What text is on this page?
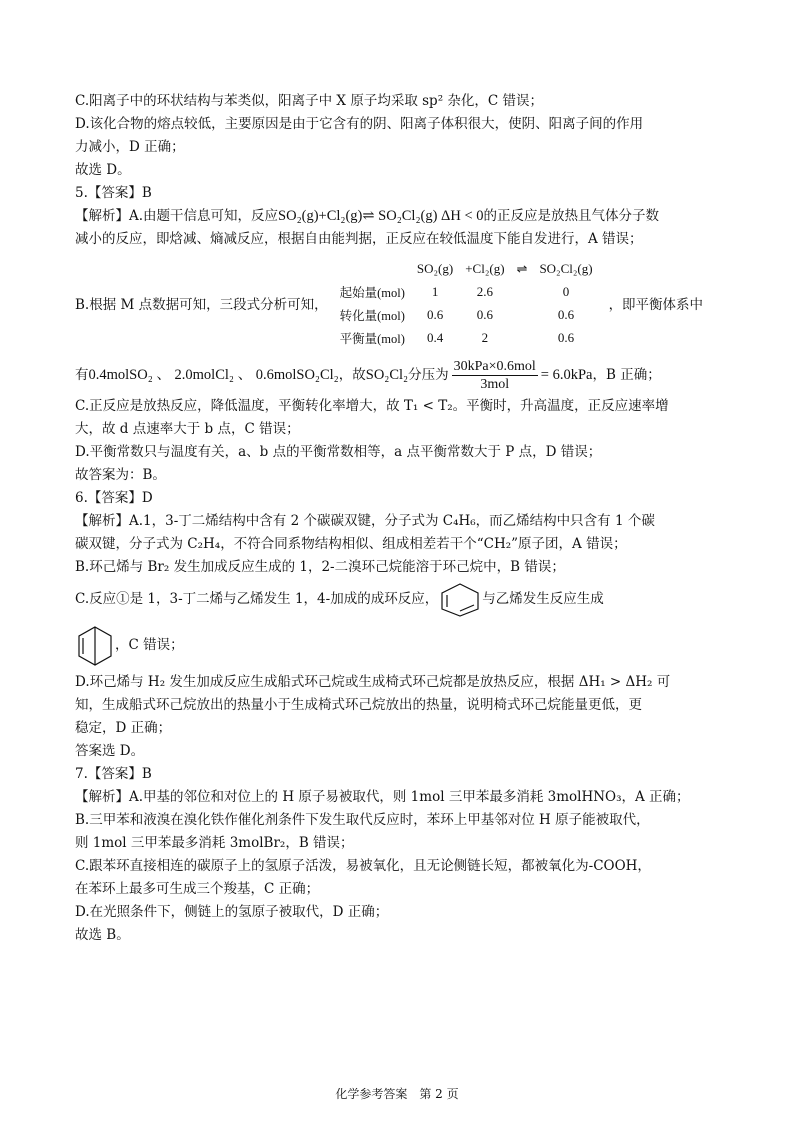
C.阳离子中的环状结构与苯类似，阳离子中 X 原子均采取 sp² 杂化，C 错误；
D.该化合物的熔点较低，主要原因是由于它含有的阴、阳离子体积很大，使阴、阳离子间的作用
力减小，D 正确；
故选 D。
5.【答案】B
【解析】A.由题干信息可知，反应SO₂(g)+Cl₂(g)⇌ SO₂Cl₂(g) ΔH < 0的正反应是放热且气体分子数
减小的反应，即焓减、熵减反应，根据自由能判据，正反应在较低温度下能自发进行，A 错误；
B.根据 M 点数据可知，三段式分析可知，
	SO₂(g)	+Cl₂(g)	⇌	SO₂Cl₂(g)
起始量(mol)	1	2.6		0
转化量(mol)	0.6	0.6		0.6
平衡量(mol)	0.4	2		0.6
，即平衡体系中
有0.4molSO₂ 、 2.0molCl₂ 、 0.6molSO₂Cl₂，故SO₂Cl₂分压为 $\frac{\text{30kPa×0.6mol}}{\text{3mol}} = 6.0kPa$，B 正确；
C.正反应是放热反应，降低温度，平衡转化率增大，故 T₁ < T₂。平衡时，升高温度，正反应速率增
大，故 d 点速率大于 b 点，C 错误；
D.平衡常数只与温度有关，a、b 点的平衡常数相等，a 点平衡常数大于 P 点，D 错误；
故答案为：B。
6.【答案】D
【解析】A.1，3-丁二烯结构中含有 2 个碳碳双键，分子式为 C₄H₆，而乙烯结构中只含有 1 个碳
碳双键，分子式为 C₂H₄，不符合同系物结构相似、组成相差若干个“CH₂”原子团，A 错误；
B.环己烯与 Br₂ 发生加成反应生成的 1，2-二溴环己烷能溶于环己烷中，B 错误；
C.反应①是 1，3-丁二烯与乙烯发生 1，4-加成的成环反应，	与乙烯发生反应生成
，C 错误；
D.环己烯与 H₂ 发生加成反应生成船式环己烷或生成椅式环己烷都是放热反应，根据 ΔH₁ > ΔH₂ 可
知，生成船式环己烷放出的热量小于生成椅式环己烷放出的热量，说明椅式环己烷能量更低，更
稳定，D 正确；
答案选 D。
7.【答案】B
【解析】A.甲基的邻位和对位上的 H 原子易被取代，则 1mol 三甲苯最多消耗 3molHNO₃，A 正确；
B.三甲苯和液溴在溴化铁作催化剂条件下发生取代反应时，苯环上甲基邻对位 H 原子能被取代，
则 1mol 三甲苯最多消耗 3molBr₂，B 错误；
C.跟苯环直接相连的碳原子上的氢原子活泼，易被氧化，且无论侧链长短，都被氧化为-COOH，
在苯环上最多可生成三个羧基，C 正确；
D.在光照条件下，侧链上的氢原子被取代，D 正确；
故选 B。
化学参考答案　第 2 页
